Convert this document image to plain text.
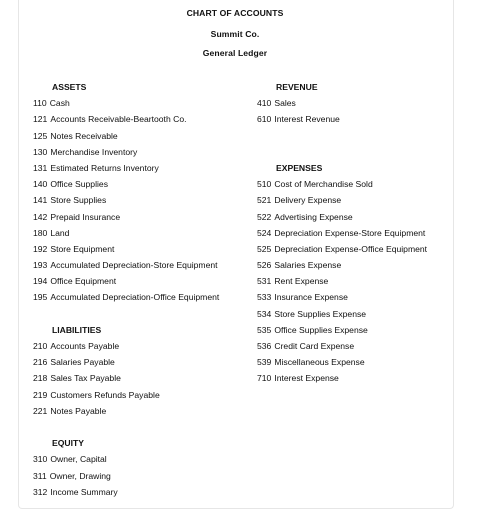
CHART OF ACCOUNTS
Summit Co.
General Ledger
ASSETS
110 Cash
121 Accounts Receivable-Beartooth Co.
125 Notes Receivable
130 Merchandise Inventory
131 Estimated Returns Inventory
140 Office Supplies
141 Store Supplies
142 Prepaid Insurance
180 Land
192 Store Equipment
193 Accumulated Depreciation-Store Equipment
194 Office Equipment
195 Accumulated Depreciation-Office Equipment
LIABILITIES
210 Accounts Payable
216 Salaries Payable
218 Sales Tax Payable
219 Customers Refunds Payable
221 Notes Payable
EQUITY
310 Owner, Capital
311 Owner, Drawing
312 Income Summary
REVENUE
410 Sales
610 Interest Revenue
EXPENSES
510 Cost of Merchandise Sold
521 Delivery Expense
522 Advertising Expense
524 Depreciation Expense-Store Equipment
525 Depreciation Expense-Office Equipment
526 Salaries Expense
531 Rent Expense
533 Insurance Expense
534 Store Supplies Expense
535 Office Supplies Expense
536 Credit Card Expense
539 Miscellaneous Expense
710 Interest Expense
